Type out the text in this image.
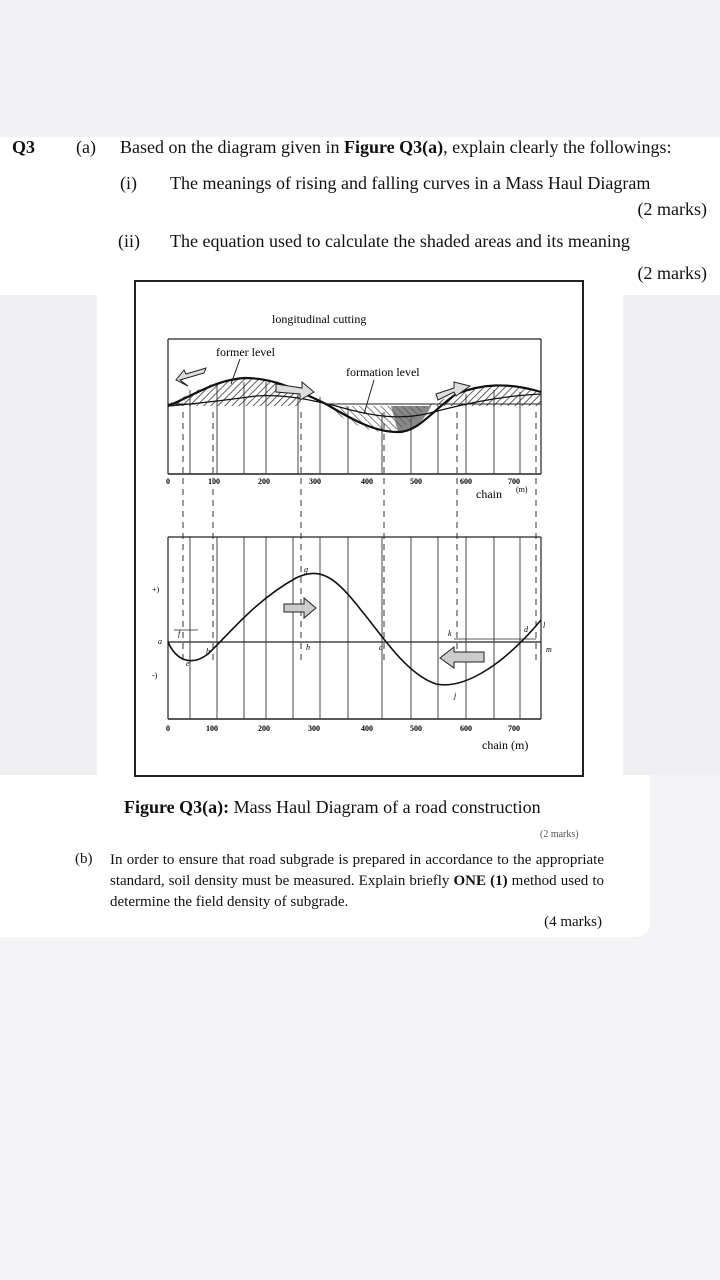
Q3 (a) Based on the diagram given in Figure Q3(a), explain clearly the followings:
(i) The meanings of rising and falling curves in a Mass Haul Diagram
(2 marks)
(ii) The equation used to calculate the shaded areas and its meaning
(2 marks)
longitudinal cutting
former level
formation level
0	100	200	300	400	500	600	700
chain (m)
f
b
e
g
h	c
k
j
d l
a
m
+)
-)
0	100	200	300	400	500	600	700
chain (m)
Figure Q3(a): Mass Haul Diagram of a road construction
(2 marks)
(b) In order to ensure that road subgrade is prepared in accordance to the appropriate standard, soil density must be measured. Explain briefly ONE (1) method used to determine the field density of subgrade.
(4 marks)
